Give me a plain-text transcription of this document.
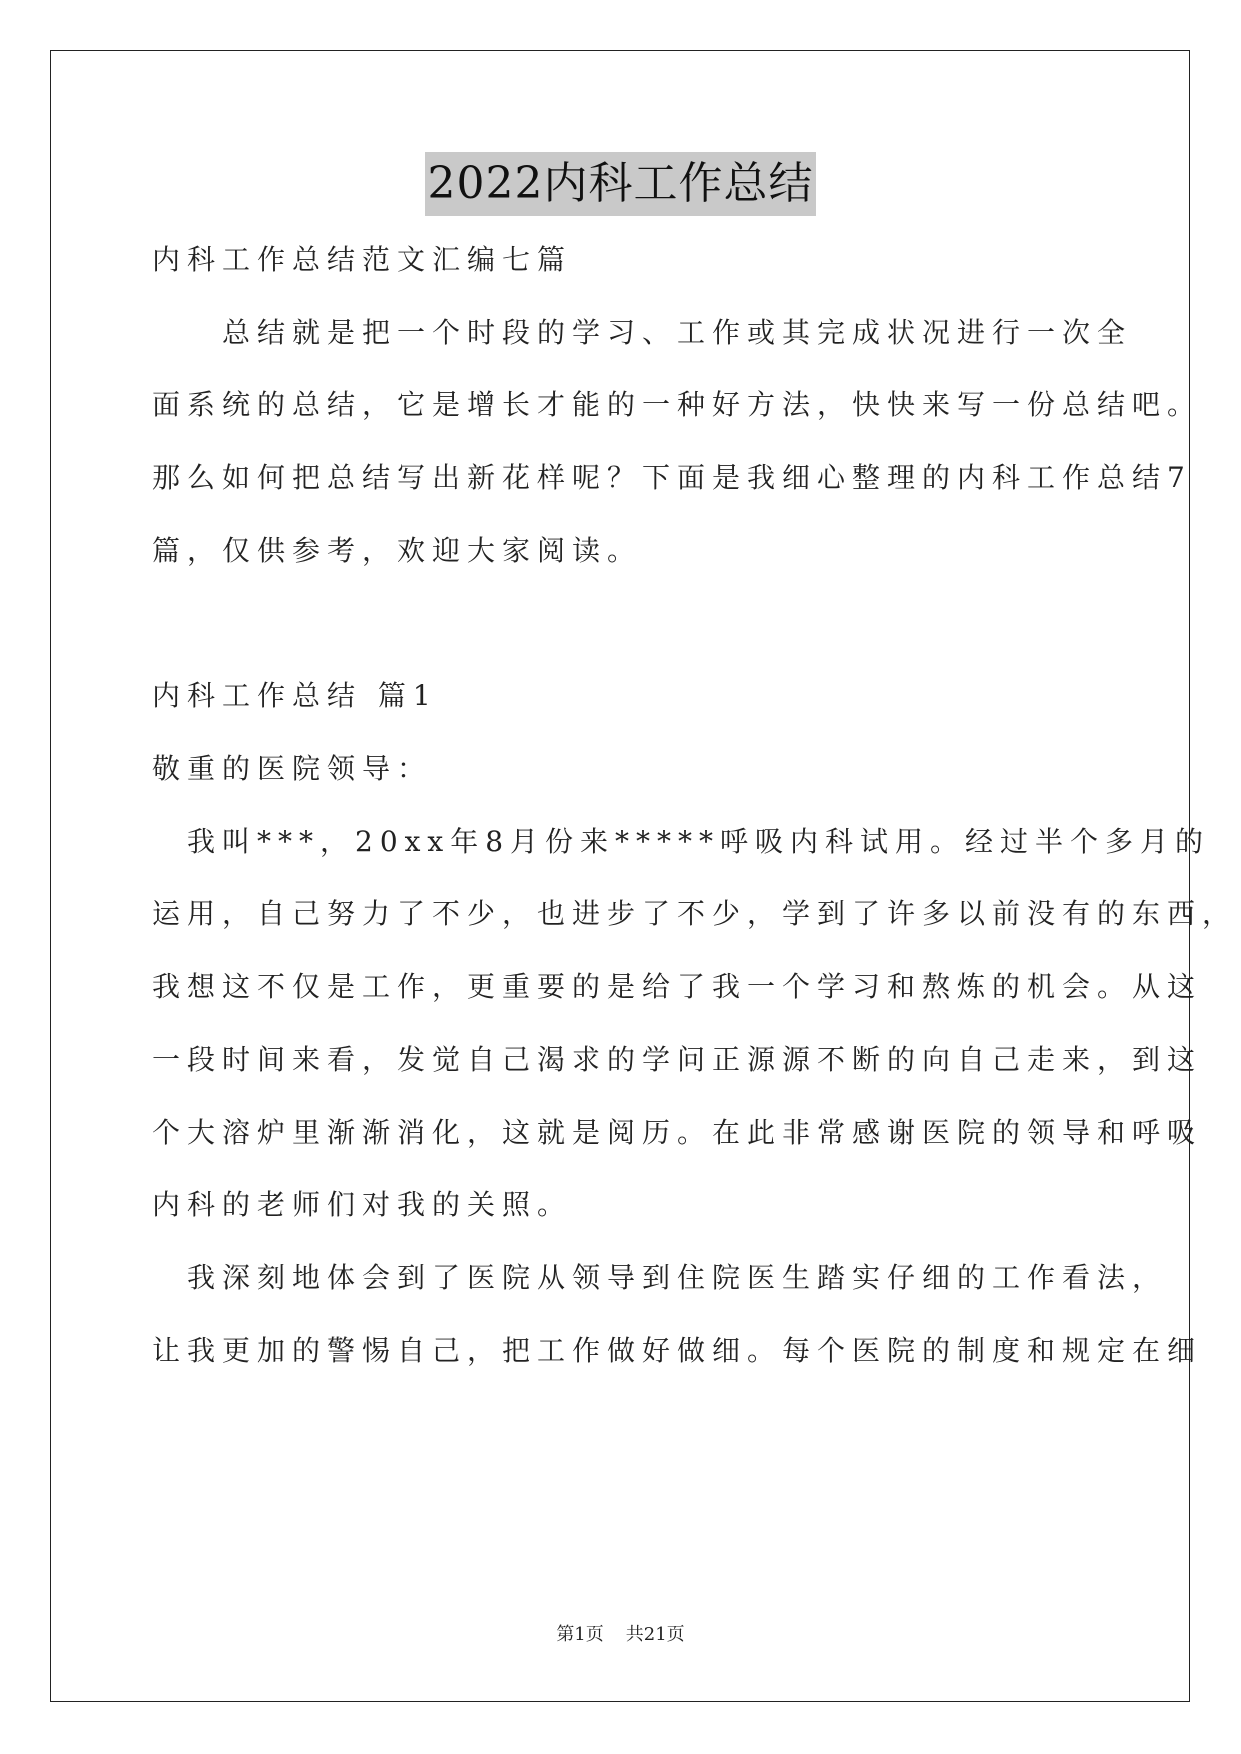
2022内科工作总结
内科工作总结范文汇编七篇
　　总结就是把一个时段的学习、工作或其完成状况进行一次全
面系统的总结，它是增长才能的一种好方法，快快来写一份总结吧。
那么如何把总结写出新花样呢？下面是我细心整理的内科工作总结7
篇，仅供参考，欢迎大家阅读。
内科工作总结 篇1
敬重的医院领导：
　我叫***，20xx年8月份来*****呼吸内科试用。经过半个多月的
运用，自己努力了不少，也进步了不少，学到了许多以前没有的东西，
我想这不仅是工作，更重要的是给了我一个学习和熬炼的机会。从这
一段时间来看，发觉自己渴求的学问正源源不断的向自己走来，到这
个大溶炉里渐渐消化，这就是阅历。在此非常感谢医院的领导和呼吸
内科的老师们对我的关照。
　我深刻地体会到了医院从领导到住院医生踏实仔细的工作看法，
让我更加的警惕自己，把工作做好做细。每个医院的制度和规定在细
第1页 共21页
